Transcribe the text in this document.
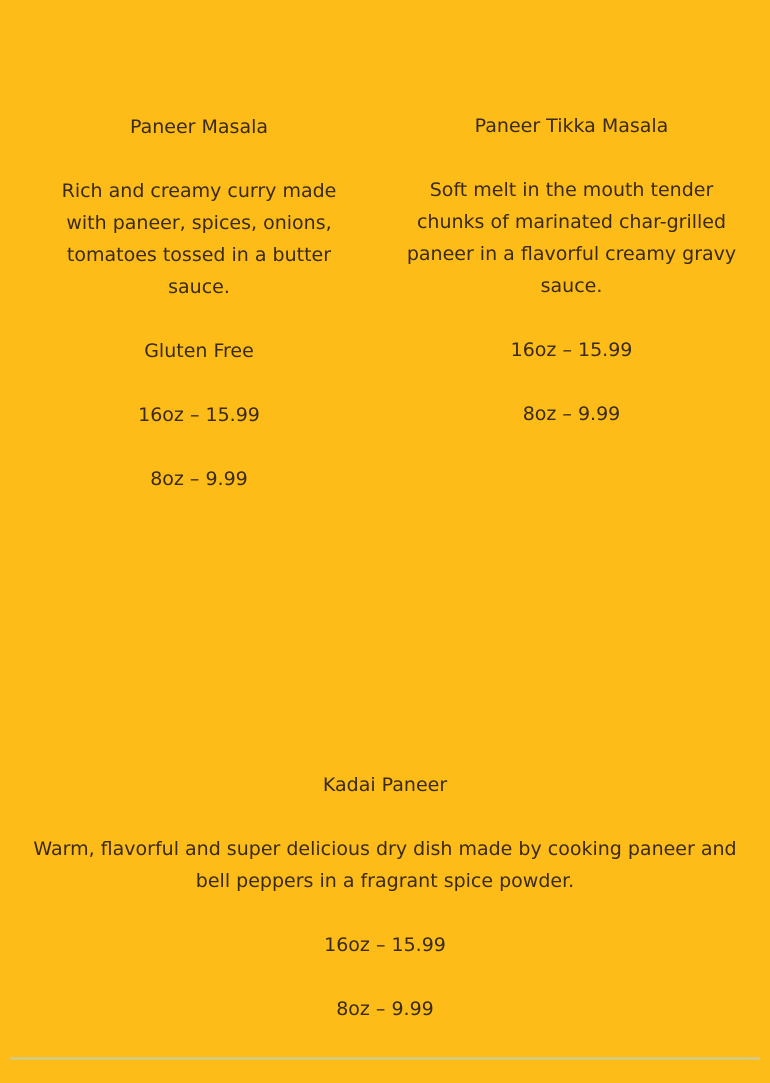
Paneer Masala

Rich and creamy curry made with paneer, spices, onions, tomatoes tossed in a butter sauce.

Gluten Free

16oz – 15.99

8oz – 9.99

Paneer Tikka Masala

Soft melt in the mouth tender chunks of marinated char-grilled paneer in a flavorful creamy gravy sauce.

16oz – 15.99

8oz – 9.99

Kadai Paneer

Warm, flavorful and super delicious dry dish made by cooking paneer and bell peppers in a fragrant spice powder.

16oz – 15.99

8oz – 9.99
